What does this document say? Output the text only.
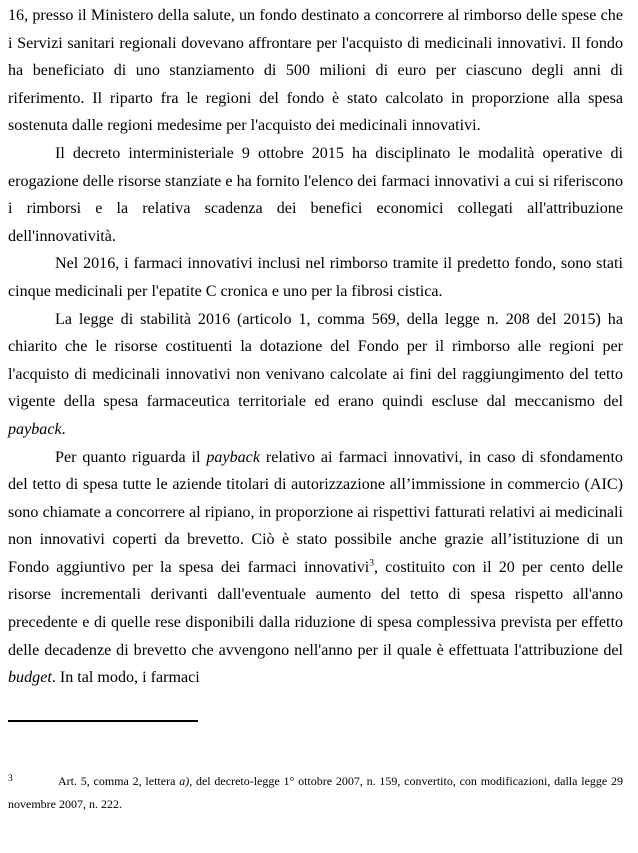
16, presso il Ministero della salute, un fondo destinato a concorrere al rimborso delle spese che i Servizi sanitari regionali dovevano affrontare per l'acquisto di medicinali innovativi. Il fondo ha beneficiato di uno stanziamento di 500 milioni di euro per ciascuno degli anni di riferimento. Il riparto fra le regioni del fondo è stato calcolato in proporzione alla spesa sostenuta dalle regioni medesime per l'acquisto dei medicinali innovativi.

Il decreto interministeriale 9 ottobre 2015 ha disciplinato le modalità operative di erogazione delle risorse stanziate e ha fornito l'elenco dei farmaci innovativi a cui si riferiscono i rimborsi e la relativa scadenza dei benefici economici collegati all'attribuzione dell'innovatività.

Nel 2016, i farmaci innovativi inclusi nel rimborso tramite il predetto fondo, sono stati cinque medicinali per l'epatite C cronica e uno per la fibrosi cistica.

La legge di stabilità 2016 (articolo 1, comma 569, della legge n. 208 del 2015) ha chiarito che le risorse costituenti la dotazione del Fondo per il rimborso alle regioni per l'acquisto di medicinali innovativi non venivano calcolate ai fini del raggiungimento del tetto vigente della spesa farmaceutica territoriale ed erano quindi escluse dal meccanismo del payback.

Per quanto riguarda il payback relativo ai farmaci innovativi, in caso di sfondamento del tetto di spesa tutte le aziende titolari di autorizzazione all’immissione in commercio (AIC) sono chiamate a concorrere al ripiano, in proporzione ai rispettivi fatturati relativi ai medicinali non innovativi coperti da brevetto. Ciò è stato possibile anche grazie all’istituzione di un Fondo aggiuntivo per la spesa dei farmaci innovativi$^3$, costituito con il 20 per cento delle risorse incrementali derivanti dall'eventuale aumento del tetto di spesa rispetto all'anno precedente e di quelle rese disponibili dalla riduzione di spesa complessiva prevista per effetto delle decadenze di brevetto che avvengono nell'anno per il quale è effettuata l'attribuzione del budget. In tal modo, i farmaci

3	Art. 5, comma 2, lettera a), del decreto-legge 1° ottobre 2007, n. 159, convertito, con modificazioni, dalla legge 29 novembre 2007, n. 222.
